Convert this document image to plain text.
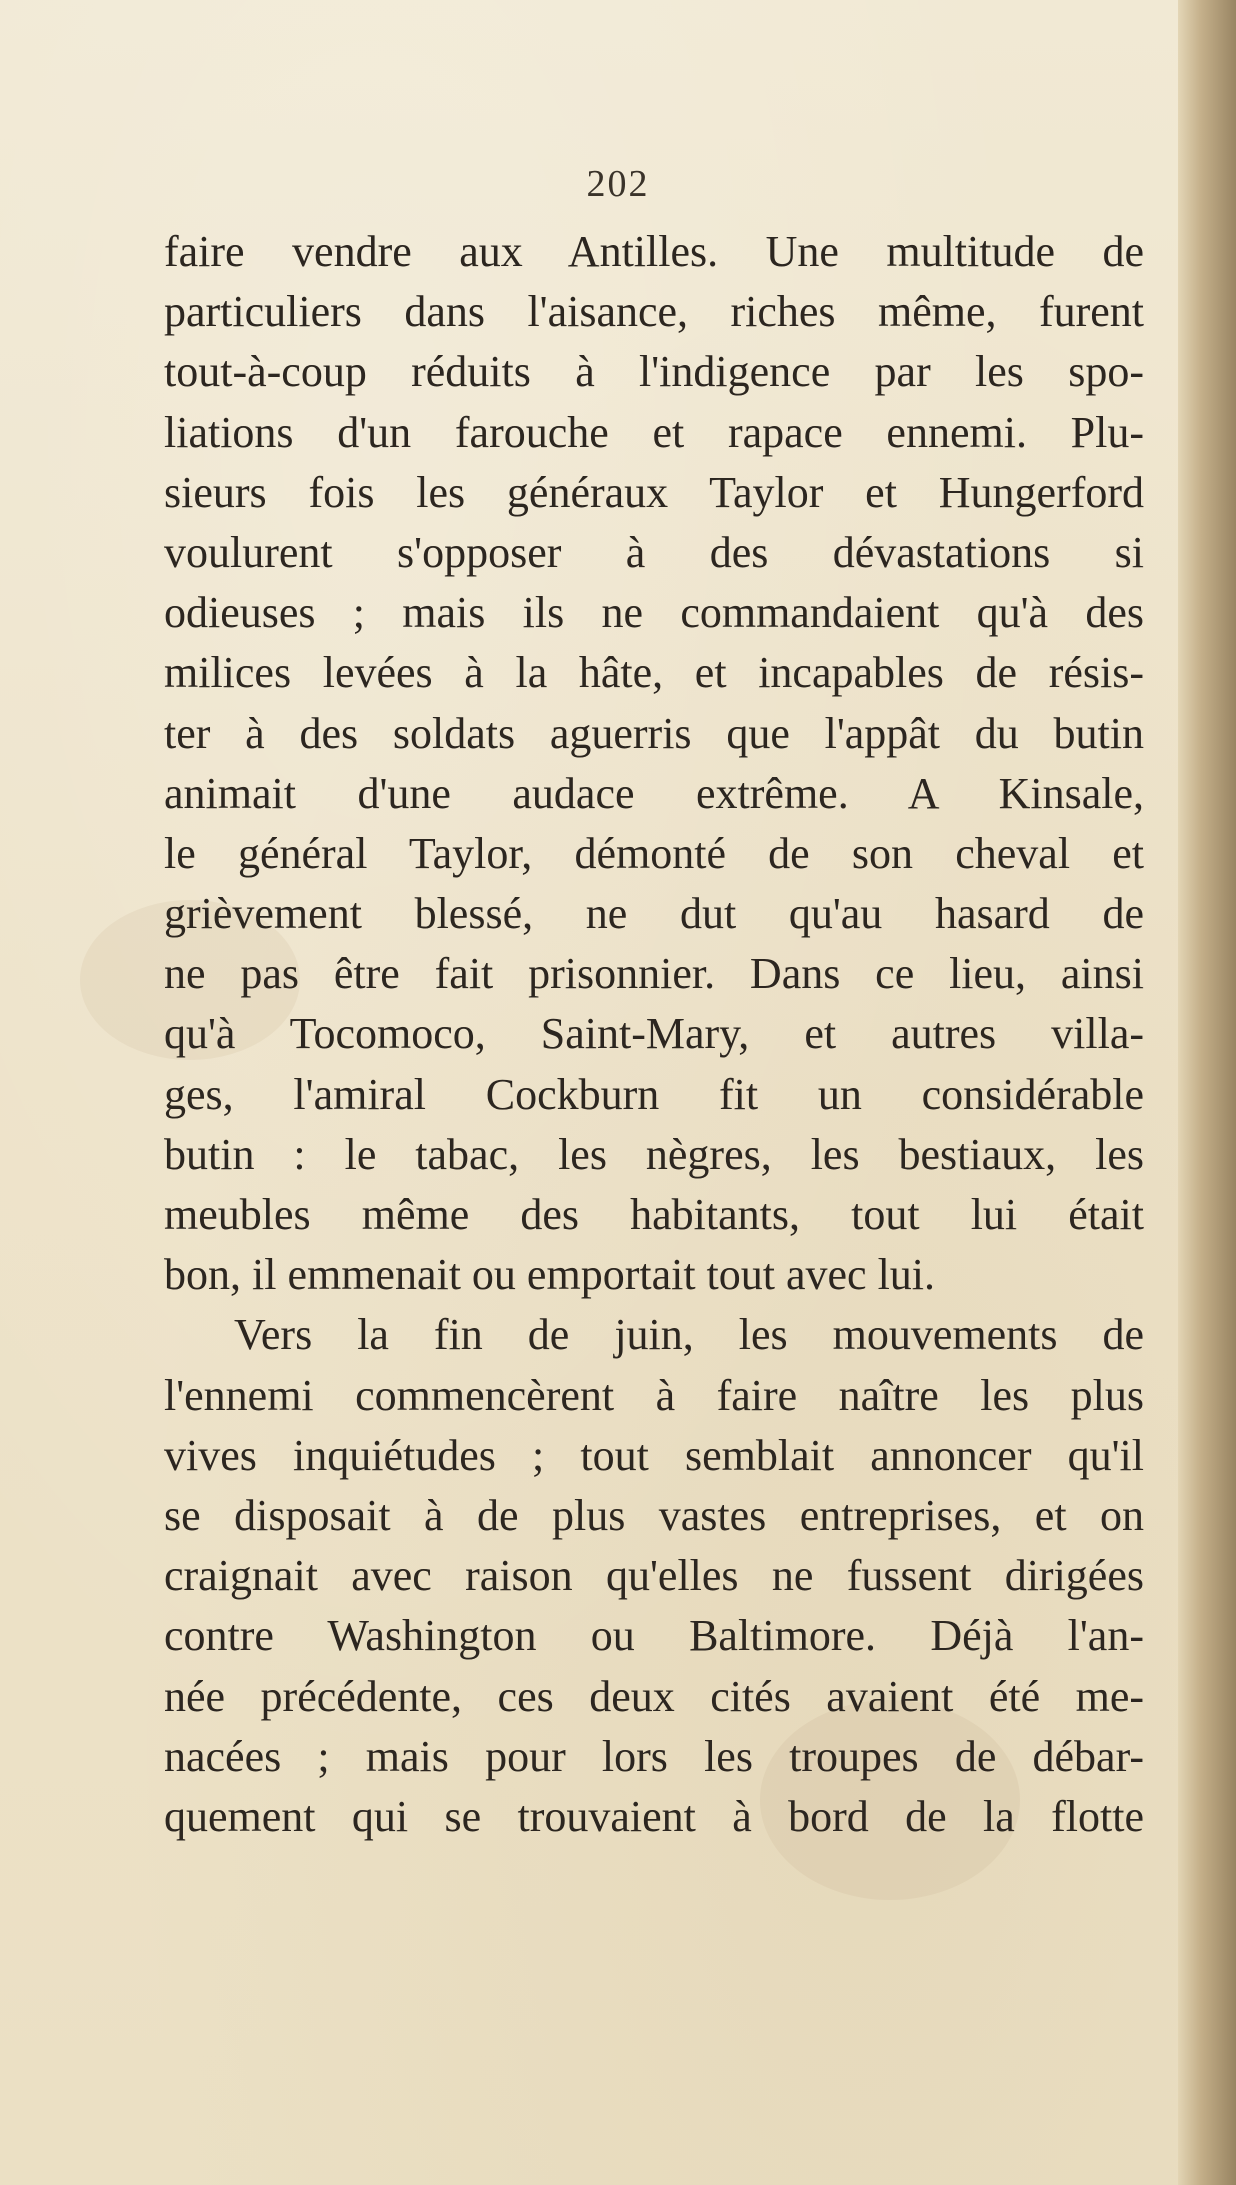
202
faire vendre aux Antilles. Une multitude de
particuliers dans l'aisance, riches même, furent
tout-à-coup réduits à l'indigence par les spo-
liations d'un farouche et rapace ennemi. Plu-
sieurs fois les généraux Taylor et Hungerford
voulurent s'opposer à des dévastations si
odieuses ; mais ils ne commandaient qu'à des
milices levées à la hâte, et incapables de résis-
ter à des soldats aguerris que l'appât du butin
animait d'une audace extrême. A Kinsale,
le général Taylor, démonté de son cheval et
grièvement blessé, ne dut qu'au hasard de
ne pas être fait prisonnier. Dans ce lieu, ainsi
qu'à Tocomoco, Saint-Mary, et autres villa-
ges, l'amiral Cockburn fit un considérable
butin : le tabac, les nègres, les bestiaux, les
meubles même des habitants, tout lui était
bon, il emmenait ou emportait tout avec lui.
Vers la fin de juin, les mouvements de
l'ennemi commencèrent à faire naître les plus
vives inquiétudes ; tout semblait annoncer qu'il
se disposait à de plus vastes entreprises, et on
craignait avec raison qu'elles ne fussent dirigées
contre Washington ou Baltimore. Déjà l'an-
née précédente, ces deux cités avaient été me-
nacées ; mais pour lors les troupes de débar-
quement qui se trouvaient à bord de la flotte
